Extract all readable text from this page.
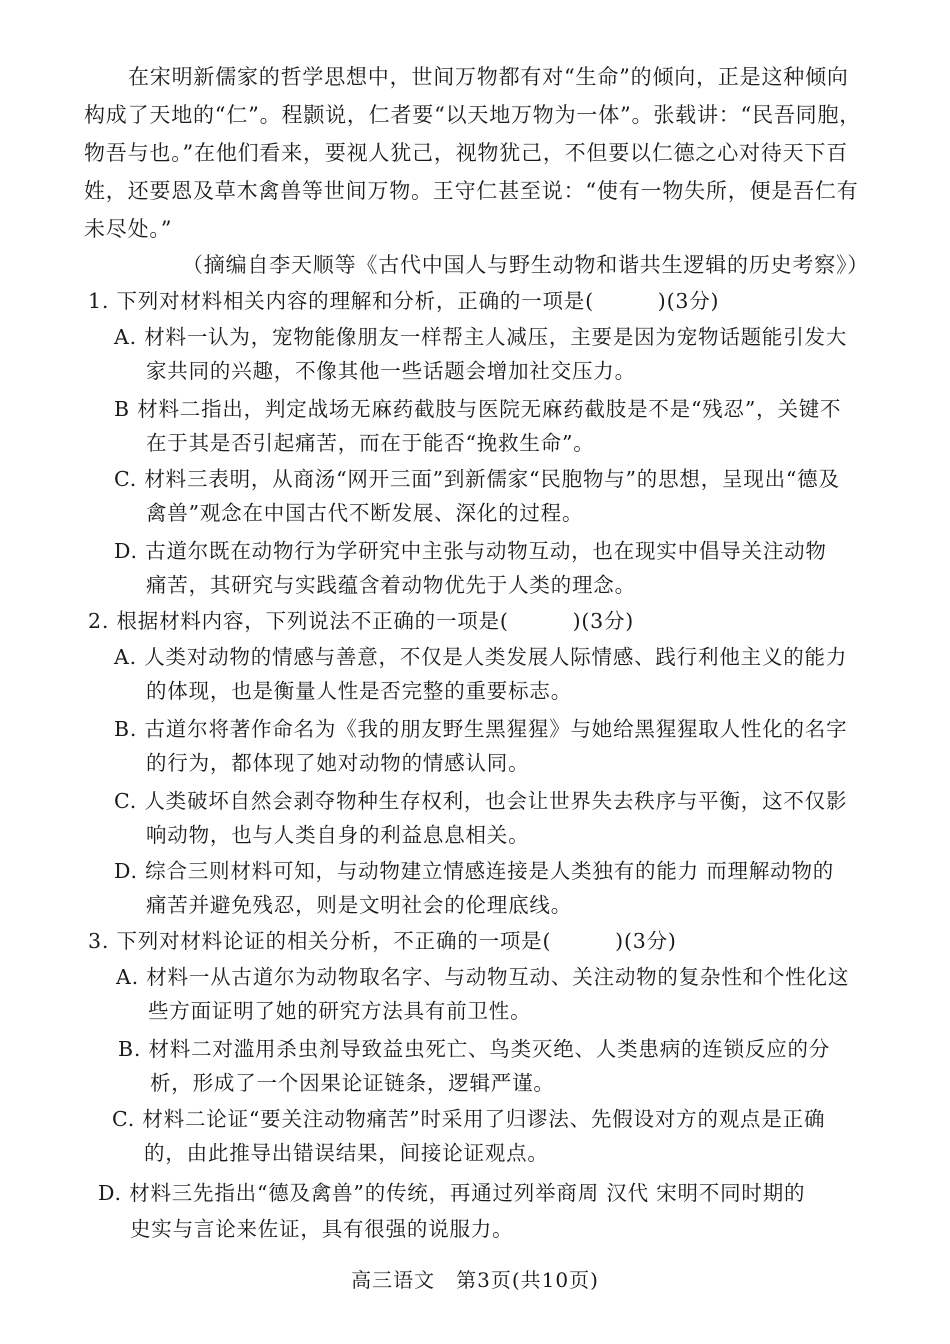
在宋明新儒家的哲学思想中，世间万物都有对“生命”的倾向，正是这种倾向
构成了天地的“仁”。程颢说，仁者要“以天地万物为一体”。张载讲：“民吾同胞，
物吾与也。”在他们看来，要视人犹己，视物犹己，不但要以仁德之心对待天下百
姓，还要恩及草木禽兽等世间万物。王守仁甚至说：“使有一物失所，便是吾仁有
未尽处。”
（摘编自李天顺等《古代中国人与野生动物和谐共生逻辑的历史考察》）
1. 下列对材料相关内容的理解和分析，正确的一项是(　　　)(3分)
A. 材料一认为，宠物能像朋友一样帮主人减压，主要是因为宠物话题能引发大
家共同的兴趣，不像其他一些话题会增加社交压力。
B 材料二指出，判定战场无麻药截肢与医院无麻药截肢是不是“残忍”，关键不
在于其是否引起痛苦，而在于能否“挽救生命”。
C. 材料三表明，从商汤“网开三面”到新儒家“民胞物与”的思想，呈现出“德及
禽兽”观念在中国古代不断发展、深化的过程。
D. 古道尔既在动物行为学研究中主张与动物互动，也在现实中倡导关注动物
痛苦，其研究与实践蕴含着动物优先于人类的理念。
2. 根据材料内容，下列说法不正确的一项是(　　　)(3分)
A. 人类对动物的情感与善意，不仅是人类发展人际情感、践行利他主义的能力
的体现，也是衡量人性是否完整的重要标志。
B. 古道尔将著作命名为《我的朋友野生黑猩猩》与她给黑猩猩取人性化的名字
的行为，都体现了她对动物的情感认同。
C. 人类破坏自然会剥夺物种生存权利，也会让世界失去秩序与平衡，这不仅影
响动物，也与人类自身的利益息息相关。
D. 综合三则材料可知，与动物建立情感连接是人类独有的能力 而理解动物的
痛苦并避免残忍，则是文明社会的伦理底线。
3. 下列对材料论证的相关分析，不正确的一项是(　　　)(3分)
A. 材料一从古道尔为动物取名字、与动物互动、关注动物的复杂性和个性化这
些方面证明了她的研究方法具有前卫性。
B. 材料二对滥用杀虫剂导致益虫死亡、鸟类灭绝、人类患病的连锁反应的分
析，形成了一个因果论证链条，逻辑严谨。
C. 材料二论证“要关注动物痛苦”时采用了归谬法、先假设对方的观点是正确
的，由此推导出错误结果，间接论证观点。
D. 材料三先指出“德及禽兽”的传统，再通过列举商周 汉代 宋明不同时期的
史实与言论来佐证，具有很强的说服力。
高三语文　第3页(共10页)
